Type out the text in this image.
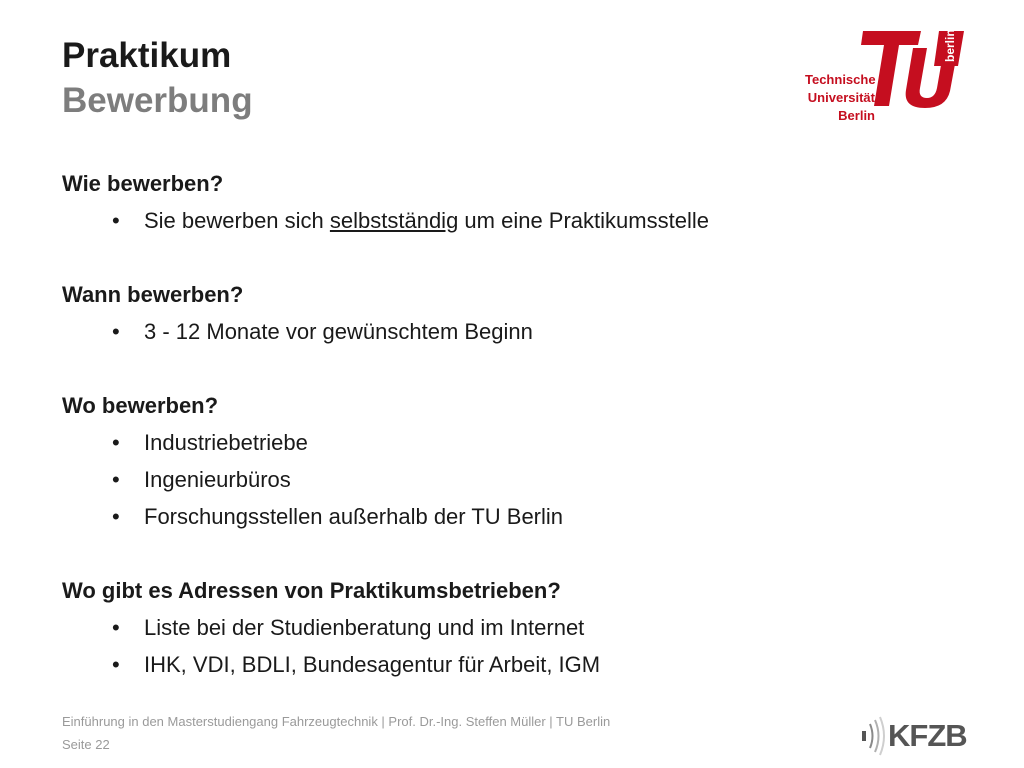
Praktikum
Bewerbung
Technische
Universität
Berlin
berlin
Wie bewerben?
• Sie bewerben sich selbstständig um eine Praktikumsstelle
Wann bewerben?
• 3 - 12 Monate vor gewünschtem Beginn
Wo bewerben?
• Industriebetriebe
• Ingenieurbüros
• Forschungsstellen außerhalb der TU Berlin
Wo gibt es Adressen von Praktikumsbetrieben?
• Liste bei der Studienberatung und im Internet
• IHK, VDI, BDLI, Bundesagentur für Arbeit, IGM
Einführung in den Masterstudiengang Fahrzeugtechnik | Prof. Dr.-Ing. Steffen Müller | TU Berlin
Seite 22	KFZB
